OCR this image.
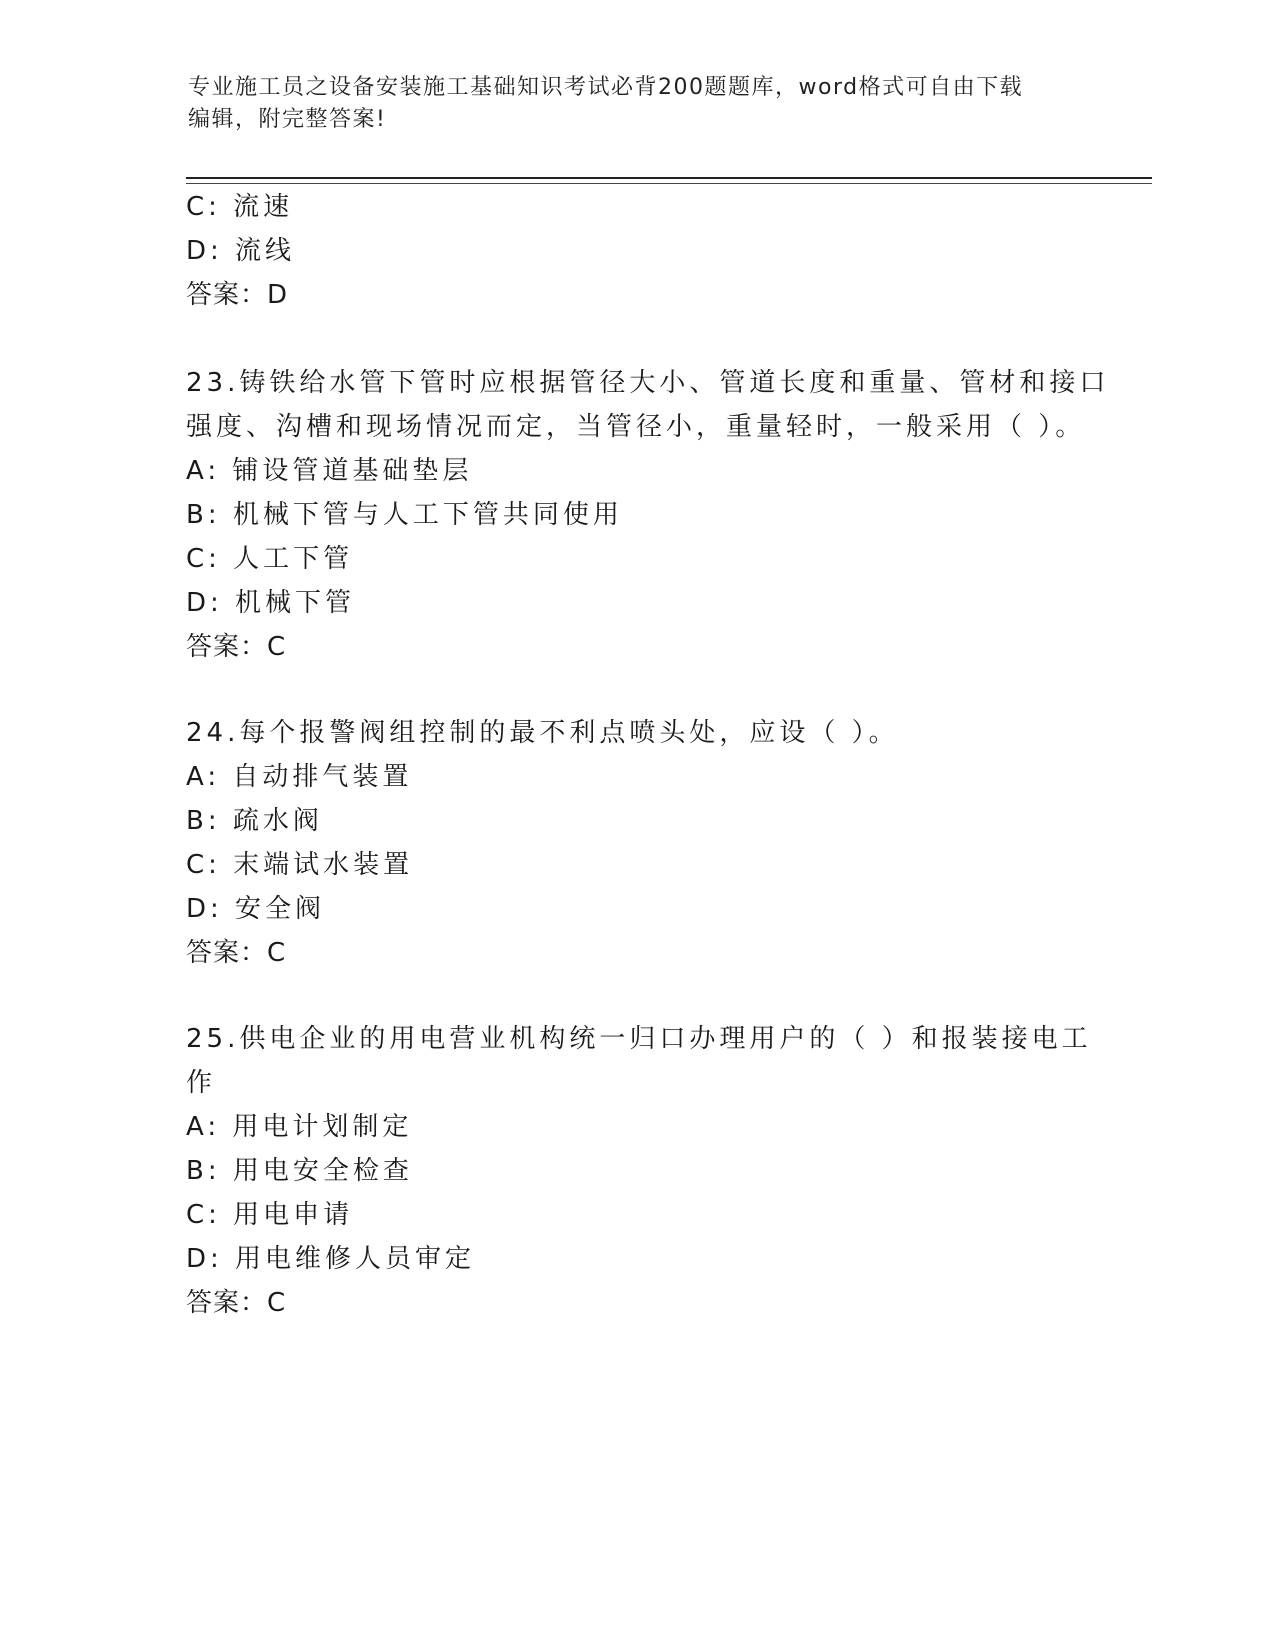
专业施工员之设备安装施工基础知识考试必背200题题库，word格式可自由下载
编辑，附完整答案!
C: 流速
D: 流线
答案：D
23.铸铁给水管下管时应根据管径大小、管道长度和重量、管材和接口
强度、沟槽和现场情况而定，当管径小，重量轻时，一般采用（ ）。
A: 铺设管道基础垫层
B: 机械下管与人工下管共同使用
C: 人工下管
D: 机械下管
答案：C
24.每个报警阀组控制的最不利点喷头处，应设（ ）。
A: 自动排气装置
B: 疏水阀
C: 末端试水装置
D: 安全阀
答案：C
25.供电企业的用电营业机构统一归口办理用户的（ ）和报装接电工
作
A: 用电计划制定
B: 用电安全检查
C: 用电申请
D: 用电维修人员审定
答案：C
